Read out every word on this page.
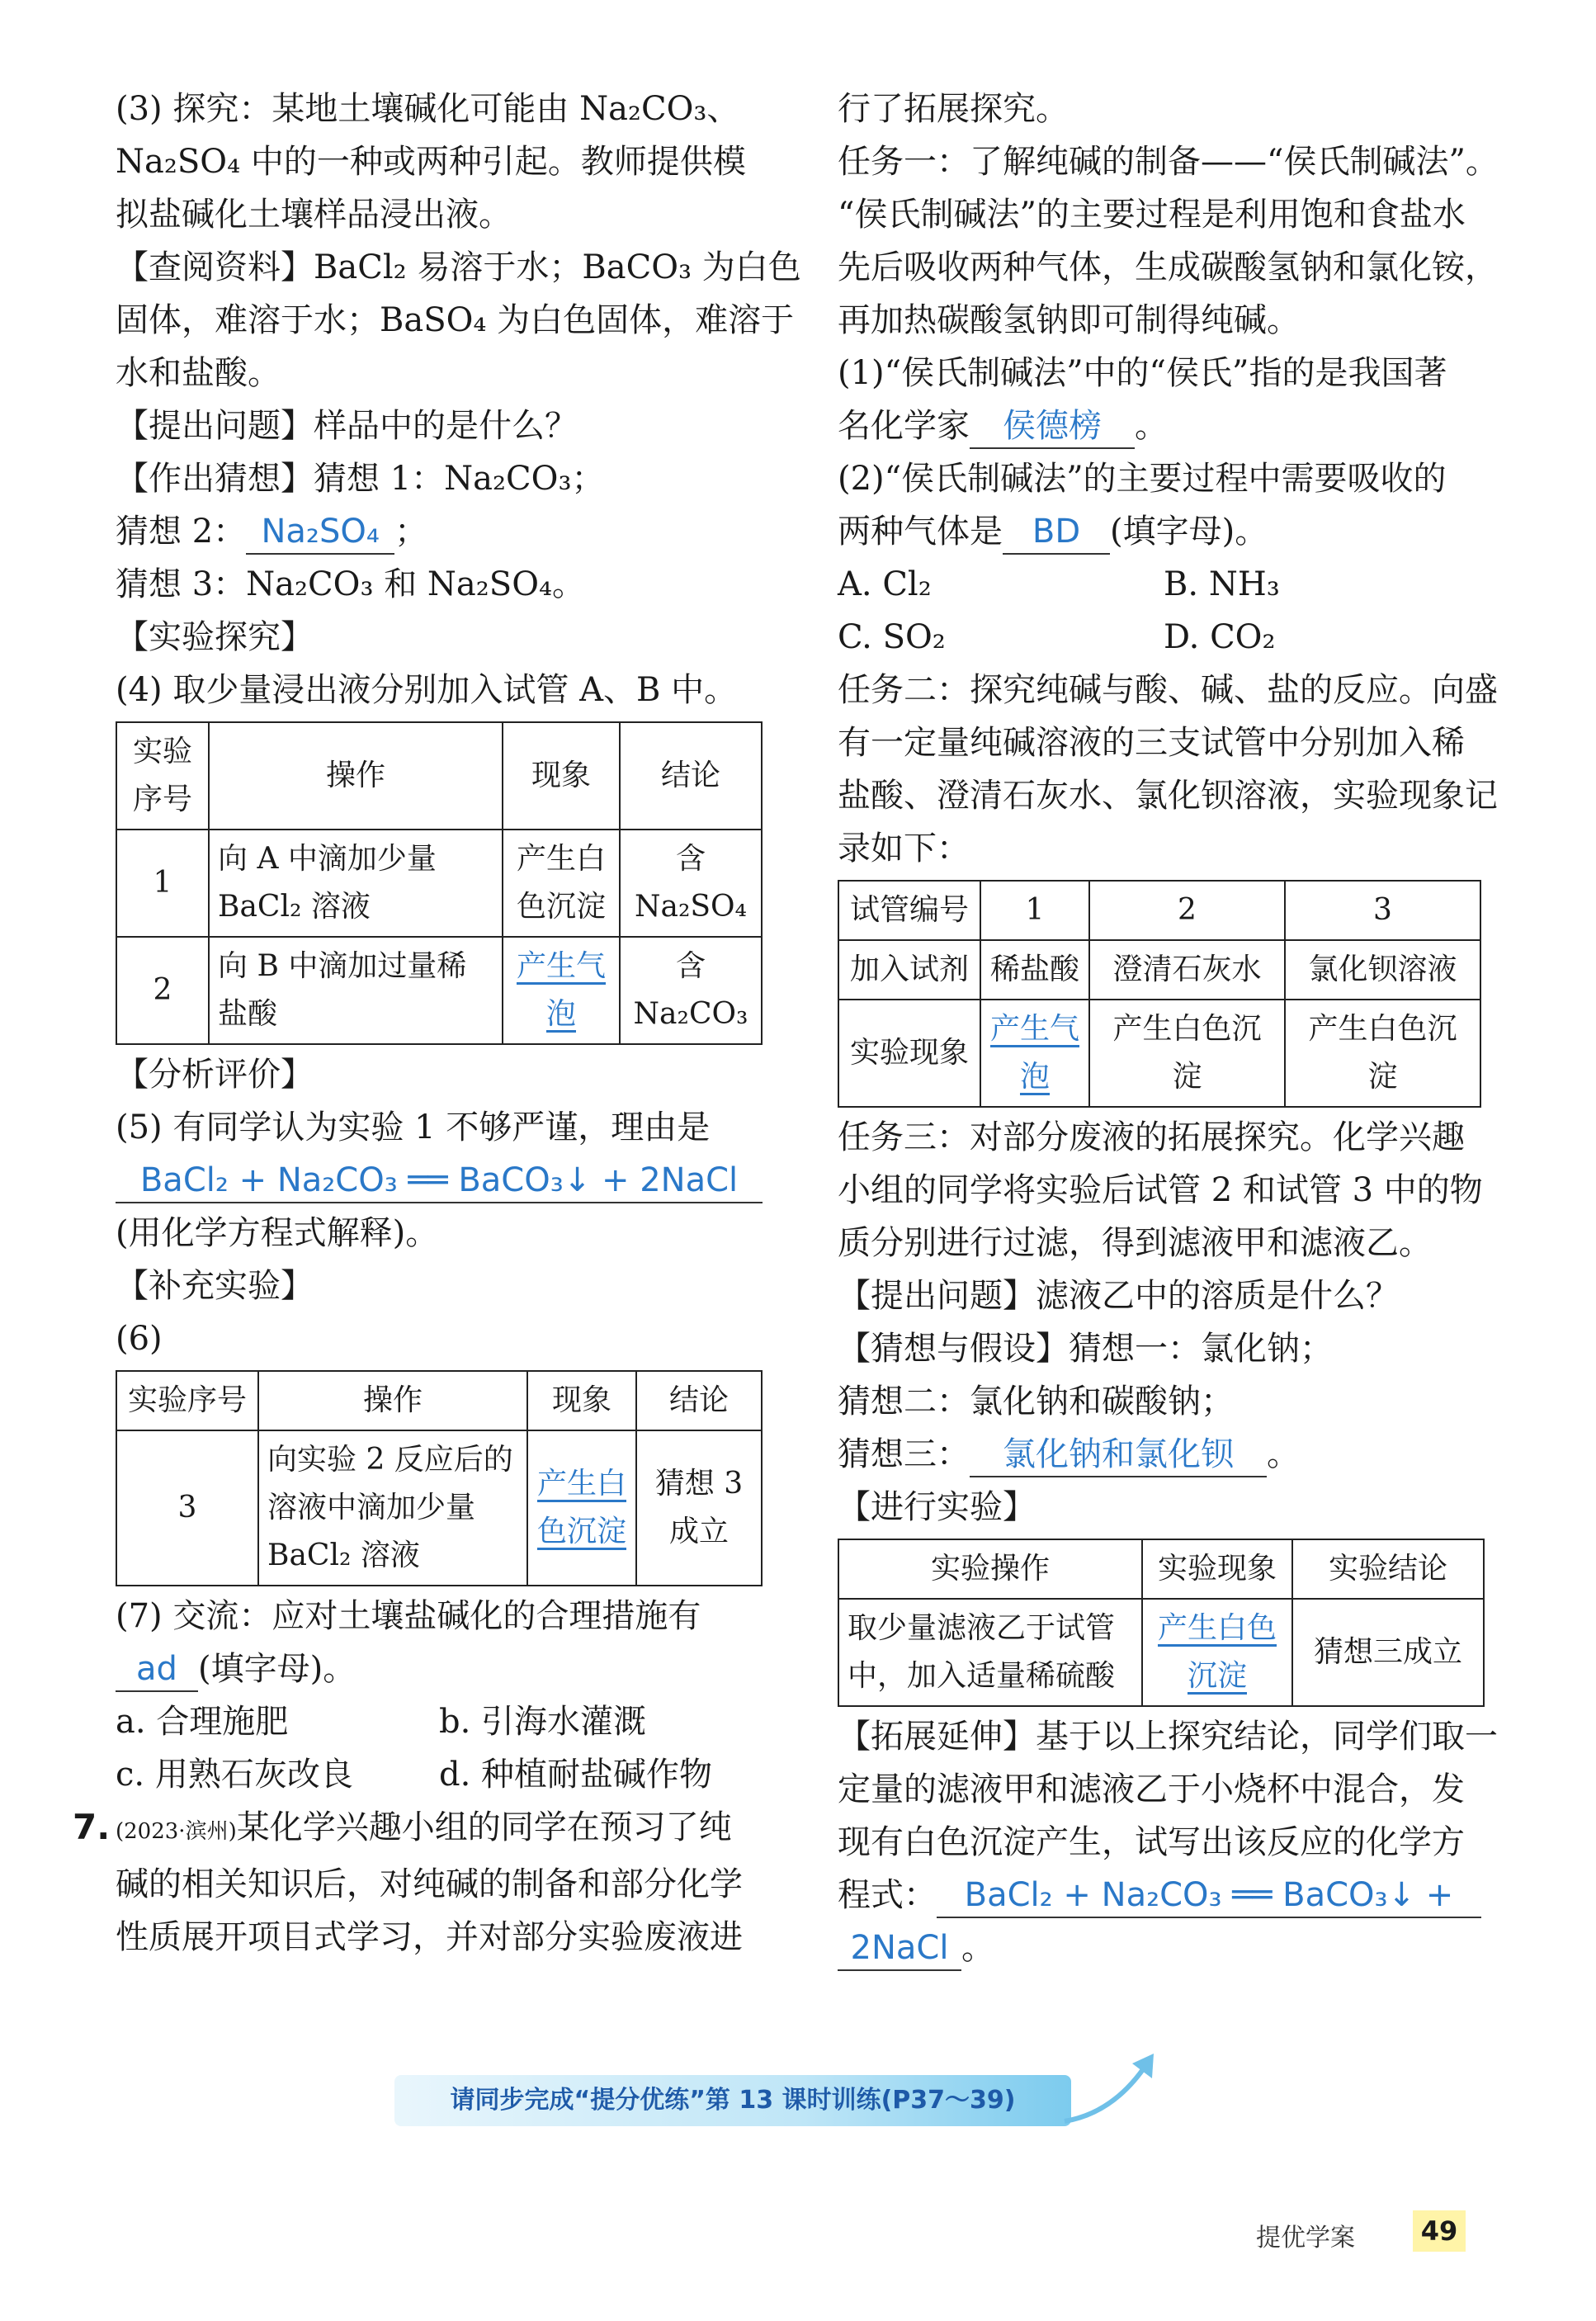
(3) 探究：某地土壤碱化可能由 Na₂CO₃、
Na₂SO₄ 中的一种或两种引起。教师提供模
拟盐碱化土壤样品浸出液。
【查阅资料】BaCl₂ 易溶于水；BaCO₃ 为白色
固体，难溶于水；BaSO₄ 为白色固体，难溶于
水和盐酸。
【提出问题】样品中的是什么？
【作出猜想】猜想 1：Na₂CO₃；
猜想 2： Na₂SO₄ ；
猜想 3：Na₂CO₃ 和 Na₂SO₄。
【实验探究】
(4) 取少量浸出液分别加入试管 A、B 中。
实验序号	操作	现象	结论
1	向 A 中滴加少量 BaCl₂ 溶液	产生白色沉淀	含 Na₂SO₄
2	向 B 中滴加过量稀盐酸	产生气泡	含 Na₂CO₃
【分析评价】
(5) 有同学认为实验 1 不够严谨，理由是
BaCl₂ + Na₂CO₃ ══ BaCO₃↓ + 2NaCl
(用化学方程式解释)。
【补充实验】
(6)
实验序号	操作	现象	结论
3	向实验 2 反应后的溶液中滴加少量 BaCl₂ 溶液	产生白色沉淀	猜想 3 成立
(7) 交流：应对土壤盐碱化的合理措施有
ad (填字母)。
a. 合理施肥	b. 引海水灌溉
c. 用熟石灰改良	d. 种植耐盐碱作物
7. (2023·滨州)某化学兴趣小组的同学在预习了纯
碱的相关知识后，对纯碱的制备和部分化学
性质展开项目式学习，并对部分实验废液进
行了拓展探究。
任务一：了解纯碱的制备——“侯氏制碱法”。
“侯氏制碱法”的主要过程是利用饱和食盐水
先后吸收两种气体，生成碳酸氢钠和氯化铵，
再加热碳酸氢钠即可制得纯碱。
(1)“侯氏制碱法”中的“侯氏”指的是我国著
名化学家 侯德榜 。
(2)“侯氏制碱法”的主要过程中需要吸收的
两种气体是 BD (填字母)。
A. Cl₂	B. NH₃
C. SO₂	D. CO₂
任务二：探究纯碱与酸、碱、盐的反应。向盛
有一定量纯碱溶液的三支试管中分别加入稀
盐酸、澄清石灰水、氯化钡溶液，实验现象记
录如下：
试管编号	1	2	3
加入试剂	稀盐酸	澄清石灰水	氯化钡溶液
实验现象	产生气泡	产生白色沉淀	产生白色沉淀
任务三：对部分废液的拓展探究。化学兴趣
小组的同学将实验后试管 2 和试管 3 中的物
质分别进行过滤，得到滤液甲和滤液乙。
【提出问题】滤液乙中的溶质是什么？
【猜想与假设】猜想一：氯化钠；
猜想二：氯化钠和碳酸钠；
猜想三： 氯化钠和氯化钡 。
【进行实验】
实验操作	实验现象	实验结论
取少量滤液乙于试管中，加入适量稀硫酸	产生白色沉淀	猜想三成立
【拓展延伸】基于以上探究结论，同学们取一
定量的滤液甲和滤液乙于小烧杯中混合，发
现有白色沉淀产生，试写出该反应的化学方
程式： BaCl₂ + Na₂CO₃ ══ BaCO₃↓ +
2NaCl 。
请同步完成“提分优练”第 13 课时训练(P37～39)
提优学案	49
